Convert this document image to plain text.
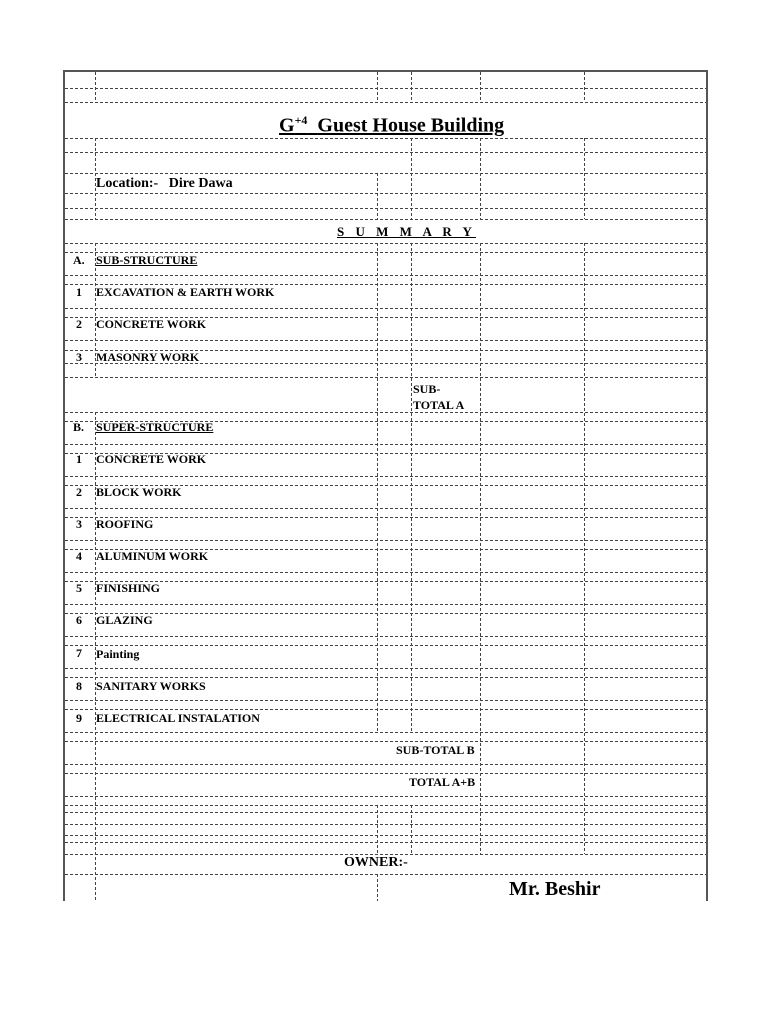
$G^{+4}$ Guest House Building
Location:- Dire Dawa
S U M M A R Y
A. SUB-STRUCTURE
1 EXCAVATION & EARTH WORK
2 CONCRETE WORK
3 MASONRY WORK
SUB-
TOTAL A
B. SUPER-STRUCTURE
1 CONCRETE WORK
2 BLOCK WORK
3 ROOFING
4 ALUMINUM WORK
5 FINISHING
6 GLAZING
7 Painting
8 SANITARY WORKS
9 ELECTRICAL INSTALATION
SUB-TOTAL B
TOTAL A+B
OWNER:-
Mr. Beshir
